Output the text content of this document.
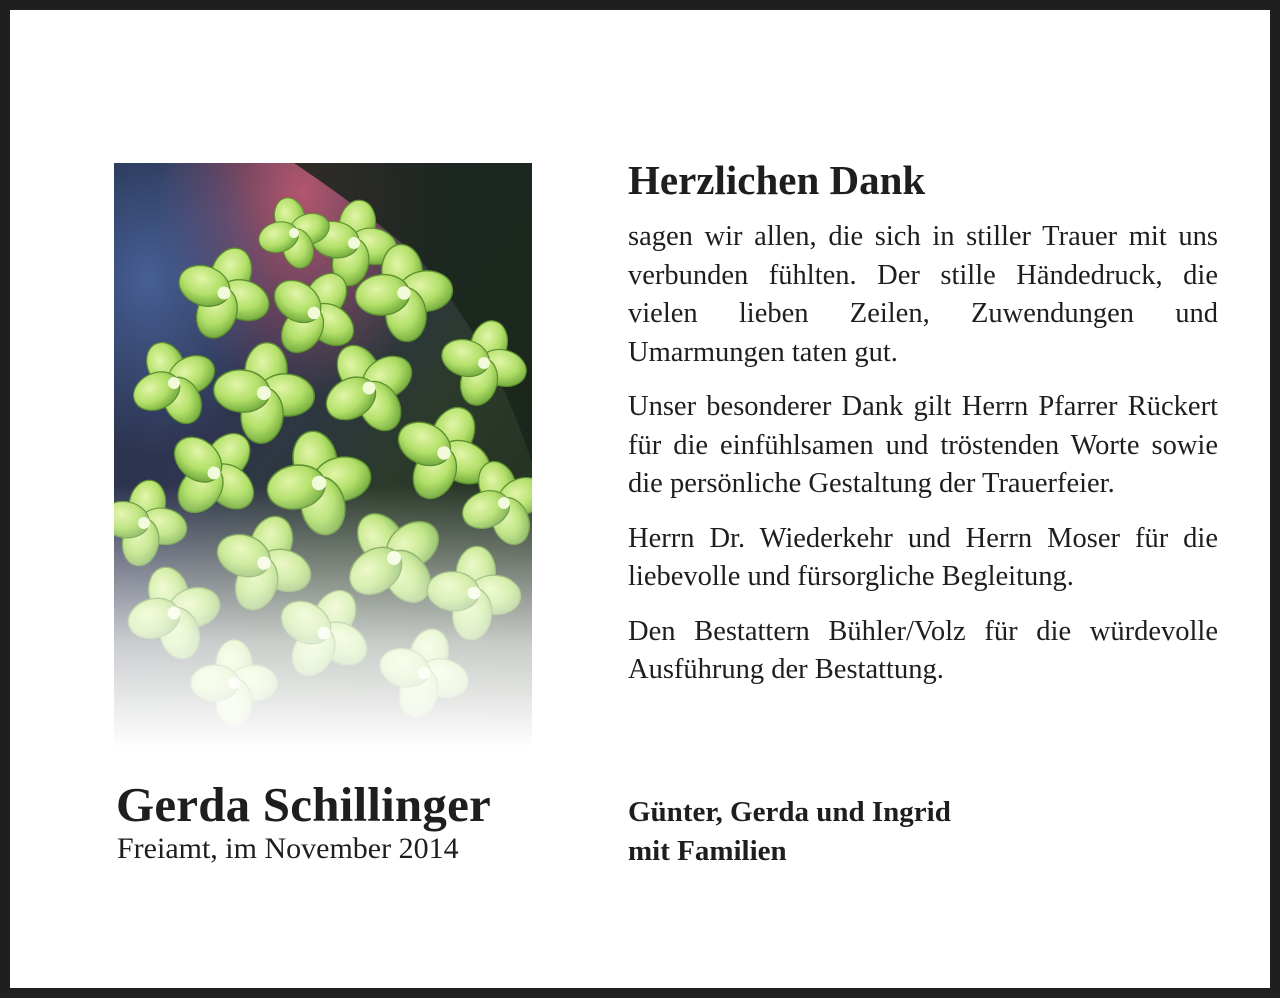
Gerda Schillinger
Freiamt, im November 2014
Herzlichen Dank

sagen wir allen, die sich in stiller Trauer mit uns verbunden fühlten. Der stille Händedruck, die vielen lieben Zeilen, Zuwendungen und Umarmungen taten gut.

Unser besonderer Dank gilt Herrn Pfarrer Rückert für die einfühlsamen und tröstenden Worte sowie die persönliche Gestaltung der Trauerfeier.

Herrn Dr. Wiederkehr und Herrn Moser für die liebevolle und fürsorgliche Begleitung.

Den Bestattern Bühler/Volz für die würdevolle Ausführung der Bestattung.

Günter, Gerda und Ingrid
mit Familien
